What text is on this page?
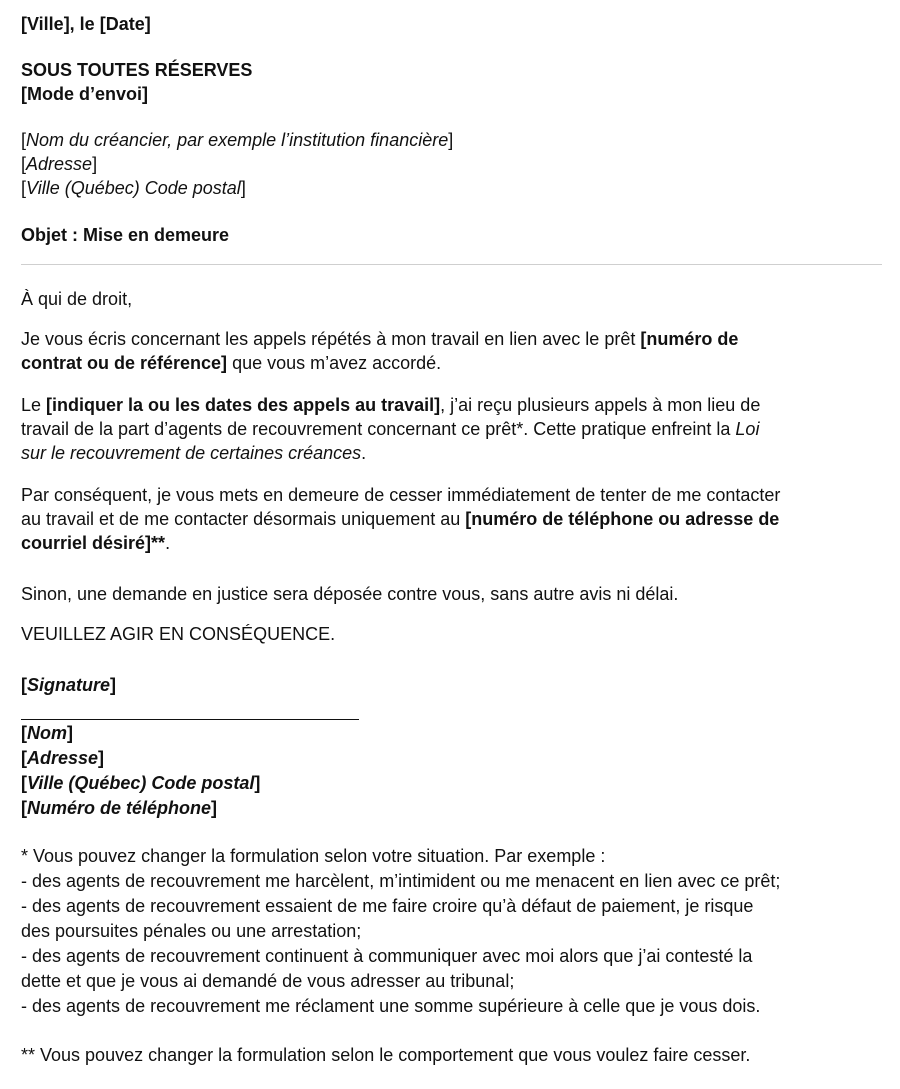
[Ville], le [Date]
SOUS TOUTES RÉSERVES
[Mode d’envoi]
[Nom du créancier, par exemple l’institution financière]
[Adresse]
[Ville (Québec) Code postal]
Objet : Mise en demeure
À qui de droit,
Je vous écris concernant les appels répétés à mon travail en lien avec le prêt [numéro de
contrat ou de référence] que vous m’avez accordé.
Le [indiquer la ou les dates des appels au travail], j’ai reçu plusieurs appels à mon lieu de
travail de la part d’agents de recouvrement concernant ce prêt*. Cette pratique enfreint la Loi
sur le recouvrement de certaines créances.
Par conséquent, je vous mets en demeure de cesser immédiatement de tenter de me contacter
au travail et de me contacter désormais uniquement au [numéro de téléphone ou adresse de
courriel désiré]**.
Sinon, une demande en justice sera déposée contre vous, sans autre avis ni délai.
VEUILLEZ AGIR EN CONSÉQUENCE.
[Signature]
[Nom]
[Adresse]
[Ville (Québec) Code postal]
[Numéro de téléphone]
* Vous pouvez changer la formulation selon votre situation. Par exemple :
- des agents de recouvrement me harcèlent, m’intimident ou me menacent en lien avec ce prêt;
- des agents de recouvrement essaient de me faire croire qu’à défaut de paiement, je risque
des poursuites pénales ou une arrestation;
- des agents de recouvrement continuent à communiquer avec moi alors que j’ai contesté la
dette et que je vous ai demandé de vous adresser au tribunal;
- des agents de recouvrement me réclament une somme supérieure à celle que je vous dois.
** Vous pouvez changer la formulation selon le comportement que vous voulez faire cesser.
